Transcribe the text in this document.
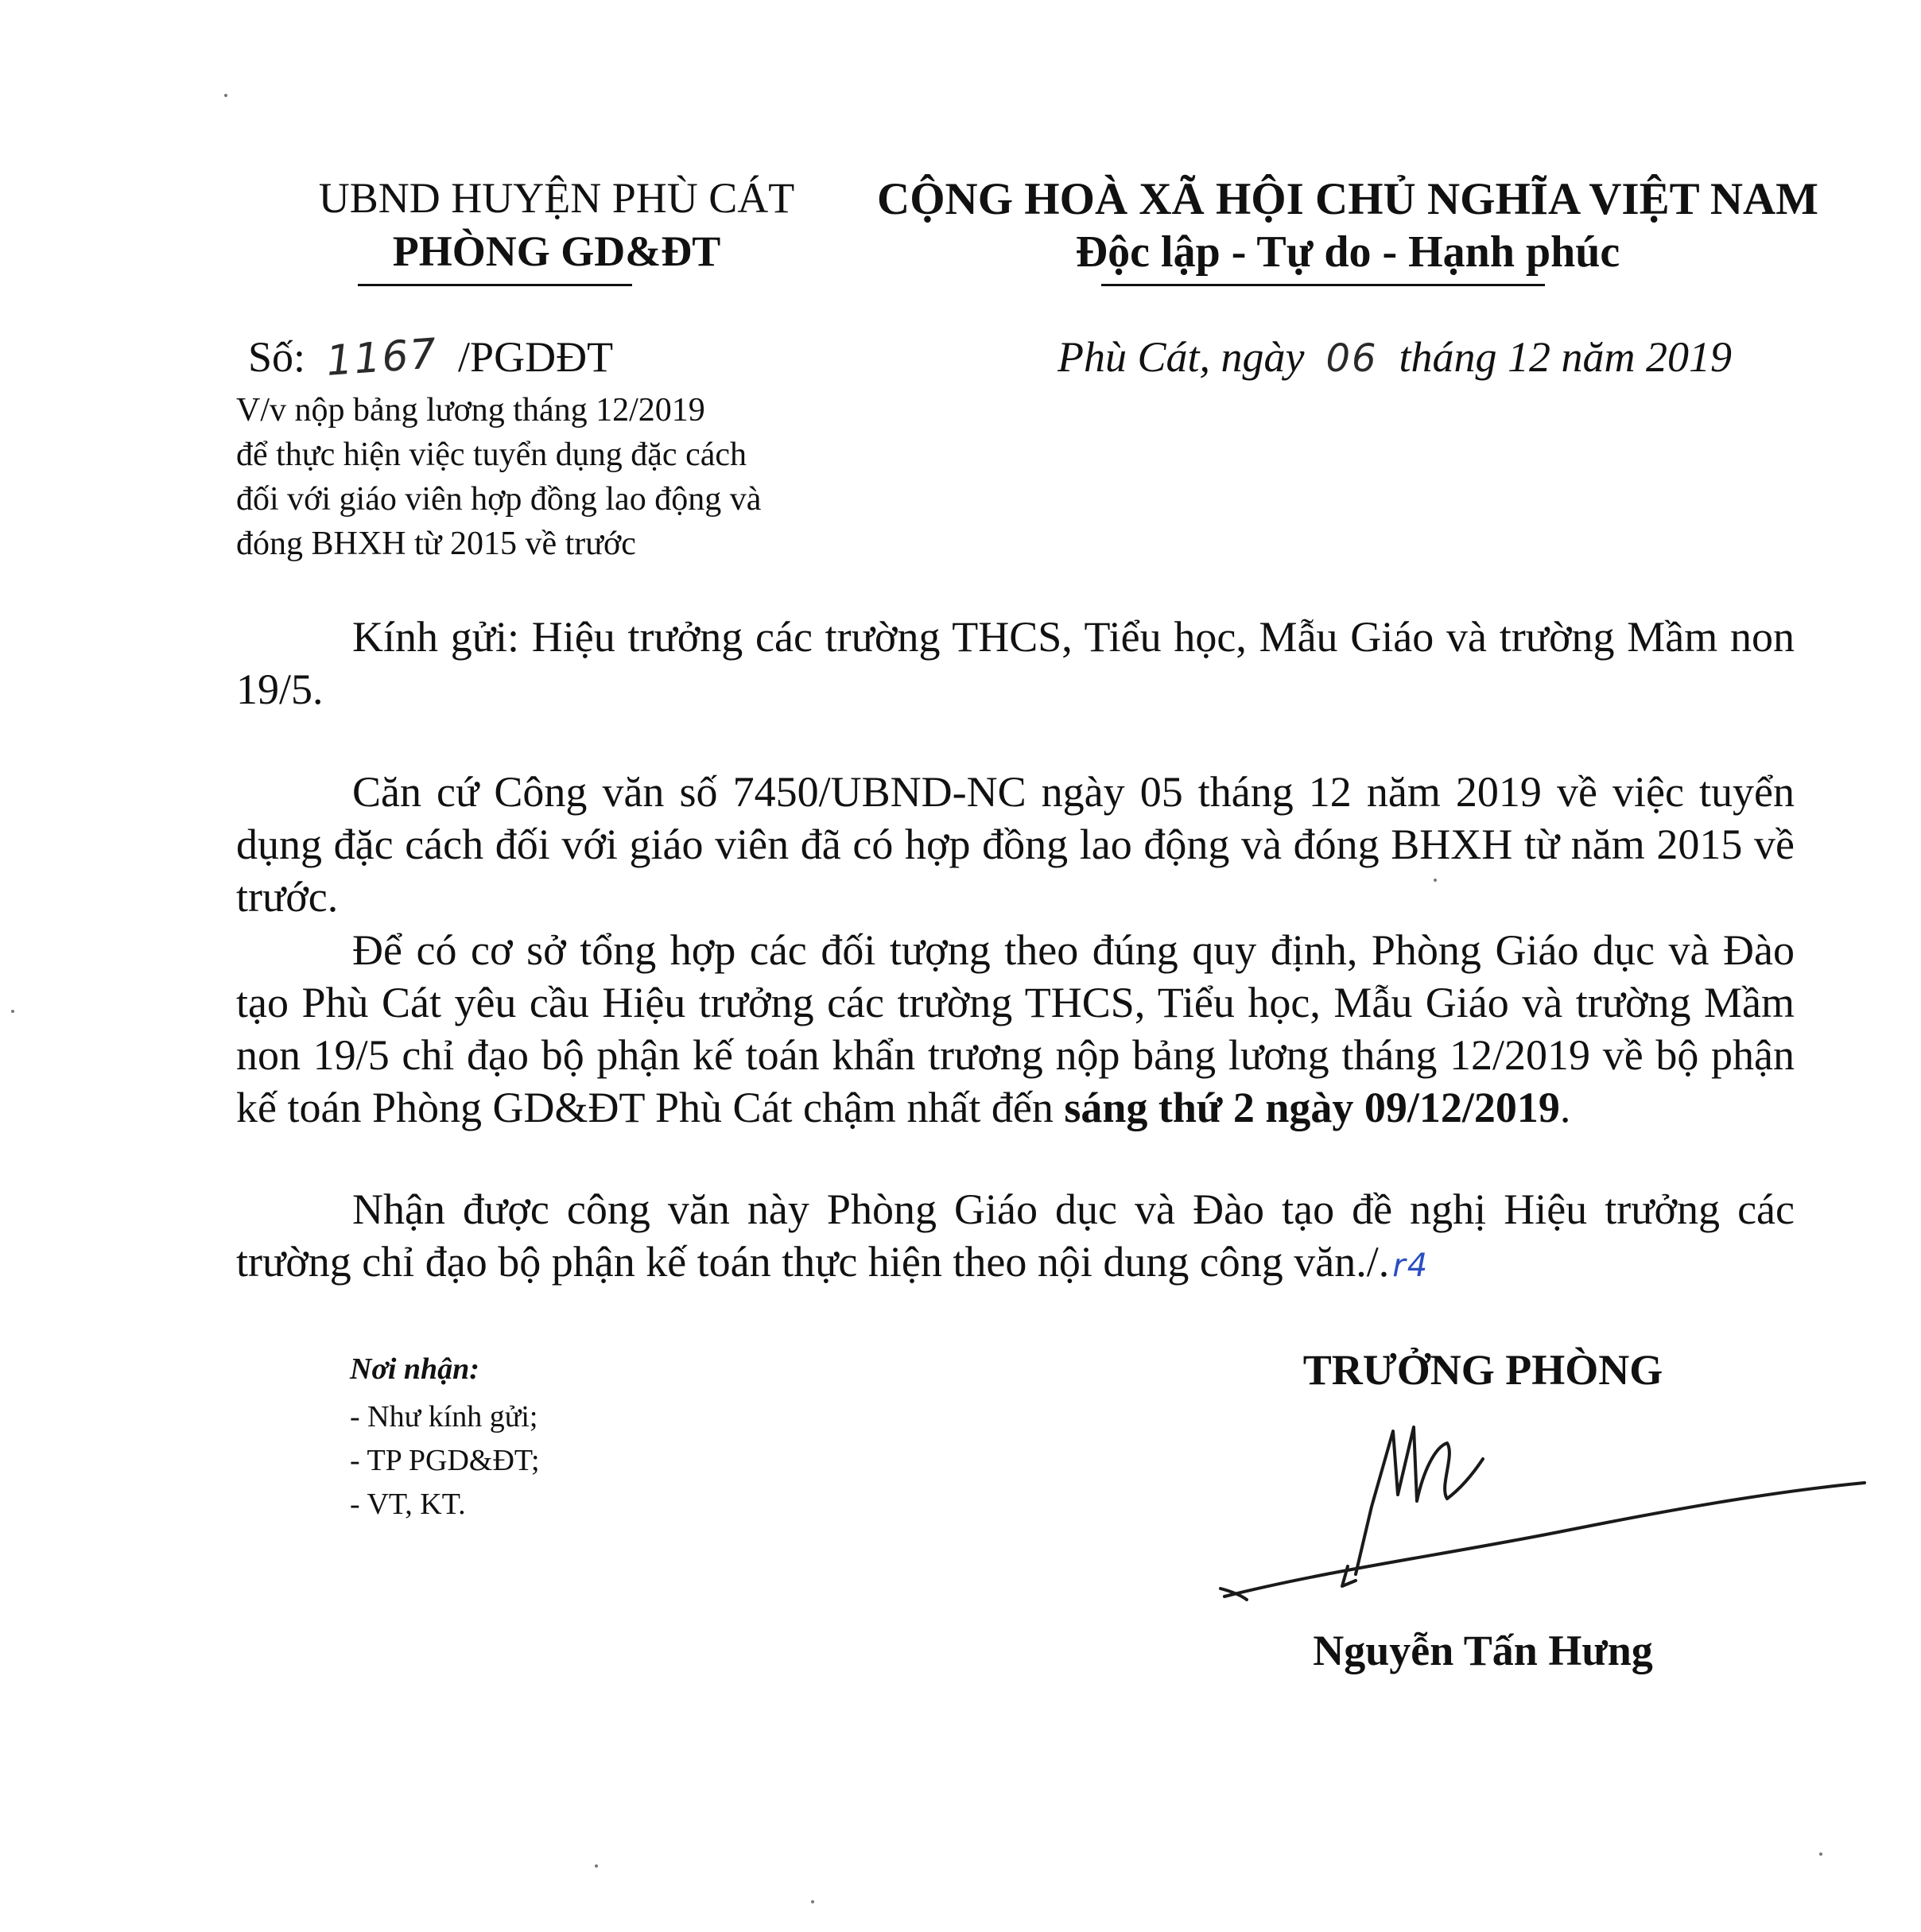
UBND HUYỆN PHÙ CÁT
PHÒNG GD&ĐT
CỘNG HOÀ XÃ HỘI CHỦ NGHĨA VIỆT NAM
Độc lập - Tự do - Hạnh phúc
Số: 1167 /PGDĐT	Phù Cát, ngày 06 tháng 12 năm 2019
V/v nộp bảng lương tháng 12/2019
để thực hiện việc tuyển dụng đặc cách
đối với giáo viên hợp đồng lao động và
đóng BHXH từ 2015 về trước
Kính gửi: Hiệu trưởng các trường THCS, Tiểu học, Mẫu Giáo và trường Mầm non 19/5.
Căn cứ Công văn số 7450/UBND-NC ngày 05 tháng 12 năm 2019 về việc tuyển dụng đặc cách đối với giáo viên đã có hợp đồng lao động và đóng BHXH từ năm 2015 về trước.
Để có cơ sở tổng hợp các đối tượng theo đúng quy định, Phòng Giáo dục và Đào tạo Phù Cát yêu cầu Hiệu trưởng các trường THCS, Tiểu học, Mẫu Giáo và trường Mầm non 19/5 chỉ đạo bộ phận kế toán khẩn trương nộp bảng lương tháng 12/2019 về bộ phận kế toán Phòng GD&ĐT Phù Cát chậm nhất đến sáng thứ 2 ngày 09/12/2019.
Nhận được công văn này Phòng Giáo dục và Đào tạo đề nghị Hiệu trưởng các trường chỉ đạo bộ phận kế toán thực hiện theo nội dung công văn./. r4
Nơi nhận:
- Như kính gửi;
- TP PGD&ĐT;
- VT, KT.
TRƯỞNG PHÒNG
Nguyễn Tấn Hưng
